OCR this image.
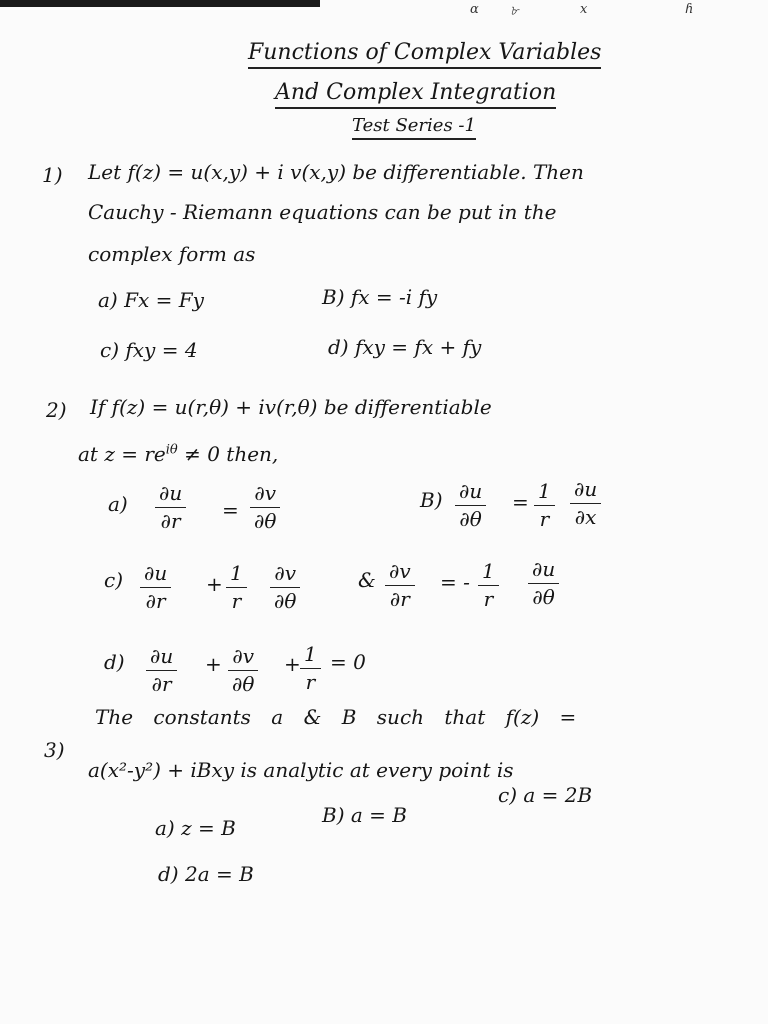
ɑ ৮	x	ɦ
Functions of Complex Variables
And Complex Integration
Test Series -1
1) Let f(z) = u(x,y) + i v(x,y) be differentiable. Then
Cauchy - Riemann equations can be put in the
complex form as
a) Fx = Fy	B) fx = -i fy
c) fxy = 4	d) fxy = fx + fy
2) If f(z) = u(r,θ) + iv(r,θ) be differentiable
at $z = re^{i\theta} \ne 0$ then,
$a) \frac{\partial u}{\partial r} = \frac{\partial v}{\partial\theta}$	$B) \frac{\partial u}{\partial\theta} = \frac{1}{r} \frac{\partial u}{\partial x}$
$c) \frac{\partial u}{\partial r} + \frac{1}{r} \frac{\partial v}{\partial\theta}$	& $\frac{\partial v}{\partial r}$ = - $\frac{1}{r} \frac{\partial u}{\partial\theta}$
$d) \frac{\partial u}{\partial r} + \frac{\partial v}{\partial\theta} + \frac{1}{r} = 0$
3)
The constants a & B such that f(z) =
a(x²-y²) + iBxy is analytic at every point is
a) z = B
B) a = B
c) a = 2B
d) 2a = B
